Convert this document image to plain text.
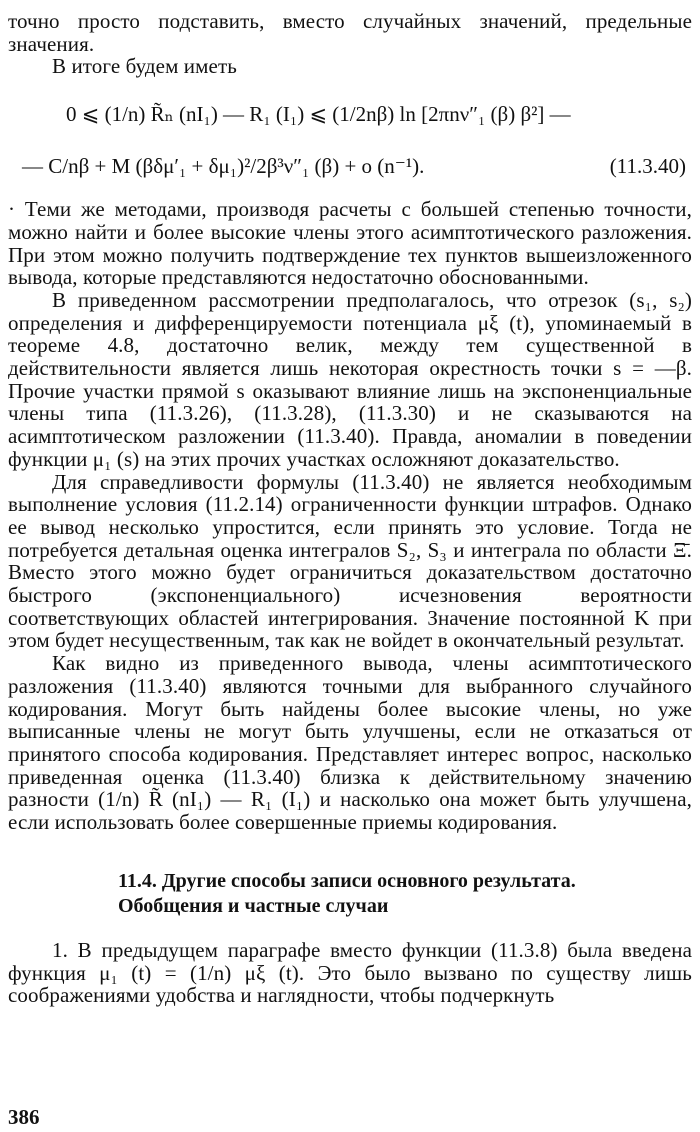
точно просто подставить, вместо случайных значений, предельные значения.

В итоге будем иметь

0 ⩽ (1/n) R̃ₙ (nI₁) — R₁ (I₁) ⩽ (1/2nβ) ln [2πnν″₁ (β) β²] —
— C/nβ + M (βδμ′₁ + δμ₁)²/2β³ν″₁ (β) + o (n⁻¹).	(11.3.40)

· Теми же методами, производя расчеты с большей степенью точности, можно найти и более высокие члены этого асимптотического разложения. При этом можно получить подтверждение тех пунктов вышеизложенного вывода, которые представляются недостаточно обоснованными.

В приведенном рассмотрении предполагалось, что отрезок (s₁, s₂) определения и дифференцируемости потенциала μξ (t), упоминаемый в теореме 4.8, достаточно велик, между тем существенной в действительности является лишь некоторая окрестность точки s = —β. Прочие участки прямой s оказывают влияние лишь на экспоненциальные члены типа (11.3.26), (11.3.28), (11.3.30) и не сказываются на асимптотическом разложении (11.3.40). Правда, аномалии в поведении функции μ₁ (s) на этих прочих участках осложняют доказательство.

Для справедливости формулы (11.3.40) не является необходимым выполнение условия (11.2.14) ограниченности функции штрафов. Однако ее вывод несколько упростится, если принять это условие. Тогда не потребуется детальная оценка интегралов S₂, S₃ и интеграла по области Ξ̄. Вместо этого можно будет ограничиться доказательством достаточно быстрого (экспоненциального) исчезновения вероятности соответствующих областей интегрирования. Значение постоянной K при этом будет несущественным, так как не войдет в окончательный результат.

Как видно из приведенного вывода, члены асимптотического разложения (11.3.40) являются точными для выбранного случайного кодирования. Могут быть найдены более высокие члены, но уже выписанные члены не могут быть улучшены, если не отказаться от принятого способа кодирования. Представляет интерес вопрос, насколько приведенная оценка (11.3.40) близка к действительному значению разности (1/n) R̃ (nI₁) — R₁ (I₁) и насколько она может быть улучшена, если использовать более совершенные приемы кодирования.

11.4. Другие способы записи основного результата.
Обобщения и частные случаи

1. В предыдущем параграфе вместо функции (11.3.8) была введена функция μ₁ (t) = (1/n) μξ (t). Это было вызвано по существу лишь соображениями удобства и наглядности, чтобы подчеркнуть

386
